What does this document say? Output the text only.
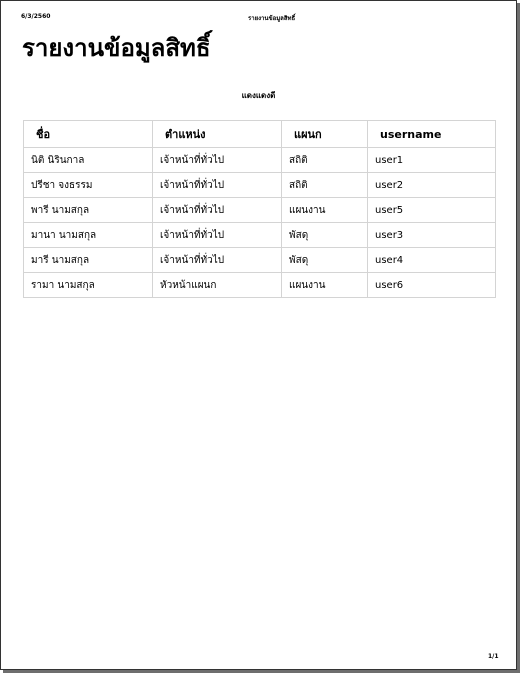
6/3/2560	รายงานข้อมูลสิทธิ์
รายงานข้อมูลสิทธิ์
แดงแดงดี
ชื่อ	ตำแหน่ง	แผนก	username
นิติ นิรินกาล	เจ้าหน้าที่ทั่วไป	สถิติ	user1
ปรีชา จงธรรม	เจ้าหน้าที่ทั่วไป	สถิติ	user2
พารี นามสกุล	เจ้าหน้าที่ทั่วไป	แผนงาน	user5
มานา นามสกุล	เจ้าหน้าที่ทั่วไป	พัสดุ	user3
มารี นามสกุล	เจ้าหน้าที่ทั่วไป	พัสดุ	user4
รามา นามสกุล	หัวหน้าแผนก	แผนงาน	user6
1/1
